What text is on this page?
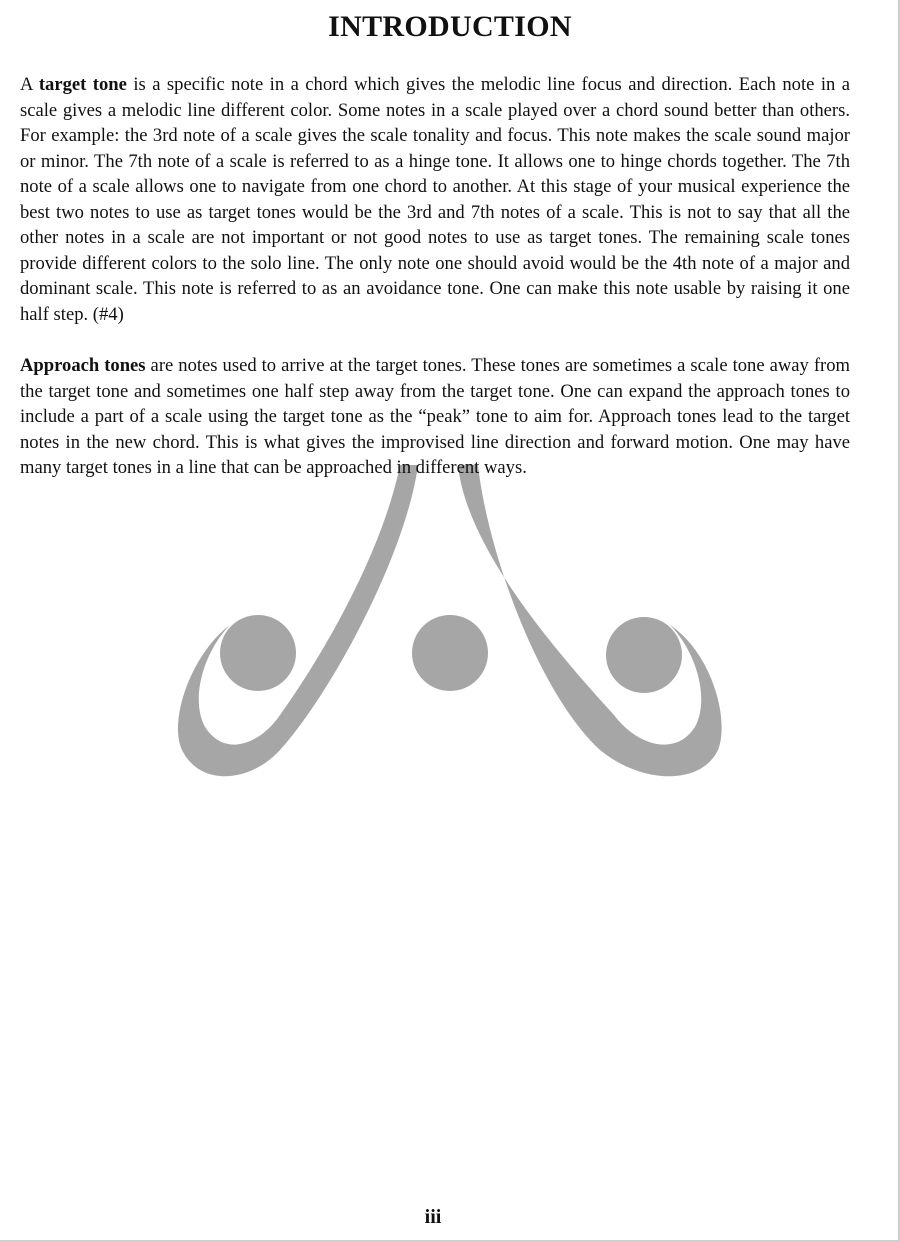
INTRODUCTION

A target tone is a specific note in a chord which gives the melodic line focus and direction. Each note in a scale gives a melodic line different color. Some notes in a scale played over a chord sound better than others. For example: the 3rd note of a scale gives the scale tonality and focus. This note makes the scale sound major or minor. The 7th note of a scale is referred to as a hinge tone. It allows one to hinge chords together. The 7th note of a scale allows one to navigate from one chord to another. At this stage of your musical experience the best two notes to use as target tones would be the 3rd and 7th notes of a scale. This is not to say that all the other notes in a scale are not important or not good notes to use as target tones. The remaining scale tones provide different colors to the solo line. The only note one should avoid would be the 4th note of a major and dominant scale. This note is referred to as an avoidance tone. One can make this note usable by raising it one half step. (#4)

Approach tones are notes used to arrive at the target tones. These tones are sometimes a scale tone away from the target tone and sometimes one half step away from the target tone. One can expand the approach tones to include a part of a scale using the target tone as the “peak” tone to aim for. Approach tones lead to the target notes in the new chord. This is what gives the improvised line direction and forward motion. One may have many target tones in a line that can be approached in different ways.

iii
